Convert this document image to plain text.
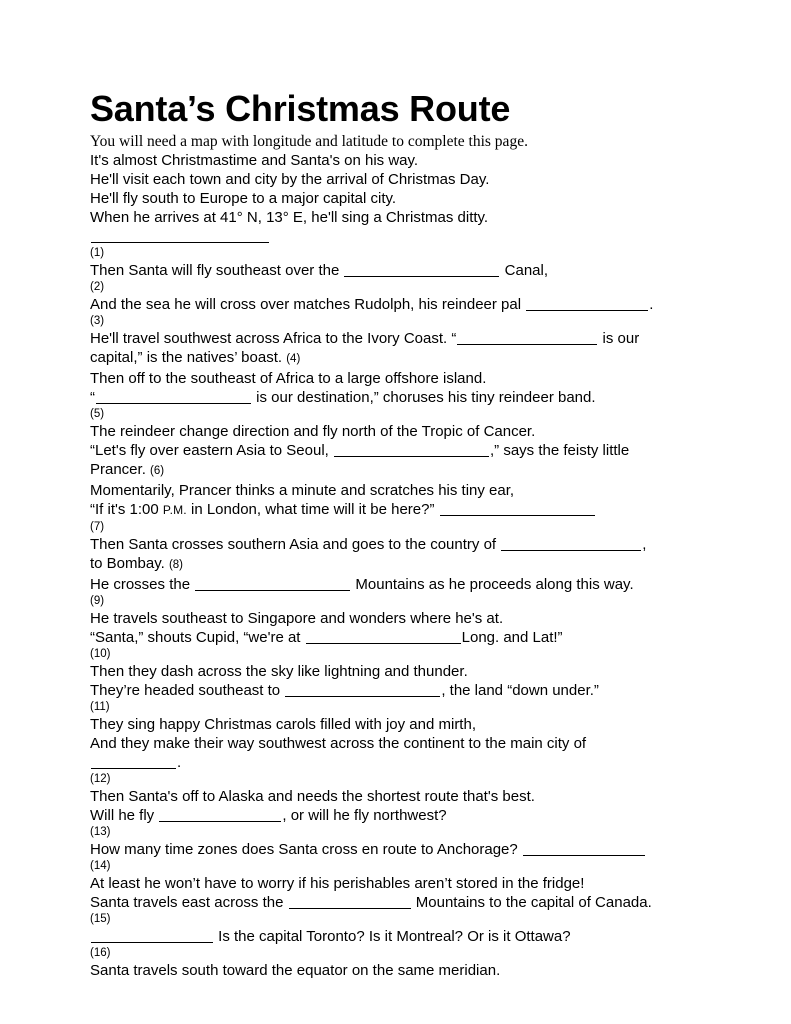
Santa’s Christmas Route

You will need a map with longitude and latitude to complete this page.

It's almost Christmastime and Santa's on his way.

He'll visit each town and city by the arrival of Christmas Day.

He'll fly south to Europe to a major capital city.

When he arrives at 41° N, 13° E, he'll sing a Christmas ditty.

(1)

Then Santa will fly southeast over the	Canal,

(2)

And the sea he will cross over matches Rudolph, his reindeer pal	.

(3)

He'll travel southwest across Africa to the Ivory Coast. “	is our

capital,” is the natives’ boast. (4)

Then off to the southeast of Africa to a large offshore island.

“	is our destination,” choruses his tiny reindeer band.

(5)

The reindeer change direction and fly north of the Tropic of Cancer.

“Let's fly over eastern Asia to Seoul,	,” says the feisty little

Prancer. (6)

Momentarily, Prancer thinks a minute and scratches his tiny ear,

“If it's 1:00 P.M. in London, what time will it be here?”

(7)

Then Santa crosses southern Asia and goes to the country of	,

to Bombay. (8)

He crosses the	Mountains as he proceeds along this way.

(9)

He travels southeast to Singapore and wonders where he's at.

“Santa,” shouts Cupid, “we're at	Long. and Lat!”

(10)

Then they dash across the sky like lightning and thunder.

They’re headed southeast to	, the land “down under.”

(11)

They sing happy Christmas carols filled with joy and mirth,

And they make their way southwest across the continent to the main city of

.

(12)

Then Santa's off to Alaska and needs the shortest route that's best.

Will he fly	, or will he fly northwest?

(13)

How many time zones does Santa cross en route to Anchorage?

(14)

At least he won’t have to worry if his perishables aren’t stored in the fridge!

Santa travels east across the	Mountains to the capital of Canada.

(15)

Is the capital Toronto? Is it Montreal? Or is it Ottawa?

(16)

Santa travels south toward the equator on the same meridian.
